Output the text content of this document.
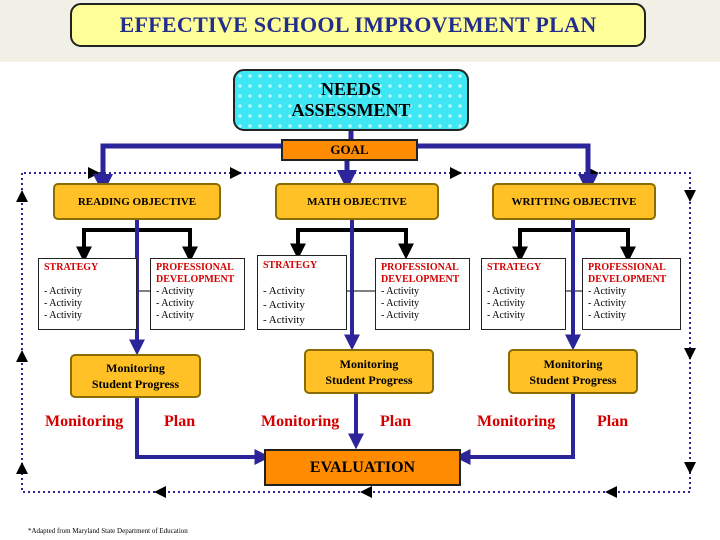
EFFECTIVE SCHOOL IMPROVEMENT PLAN
NEEDS
ASSESSMENT
GOAL
READING OBJECTIVE	MATH OBJECTIVE	WRITTING OBJECTIVE
STRATEGY
- Activity
- Activity
- Activity
PROFESSIONAL
DEVELOPMENT
- Activity
- Activity
- Activity
STRATEGY
- Activity
- Activity
- Activity
PROFESSIONAL
DEVELOPMENT
- Activity
- Activity
- Activity
STRATEGY
- Activity
- Activity
- Activity
PROFESSIONAL
DEVELOPMENT
- Activity
- Activity
- Activity
Monitoring
Student Progress
Monitoring
Student Progress
Monitoring
Student Progress
Monitoring	Plan	Monitoring	Plan	Monitoring	Plan
EVALUATION
*Adapted from Maryland State Department of Education
